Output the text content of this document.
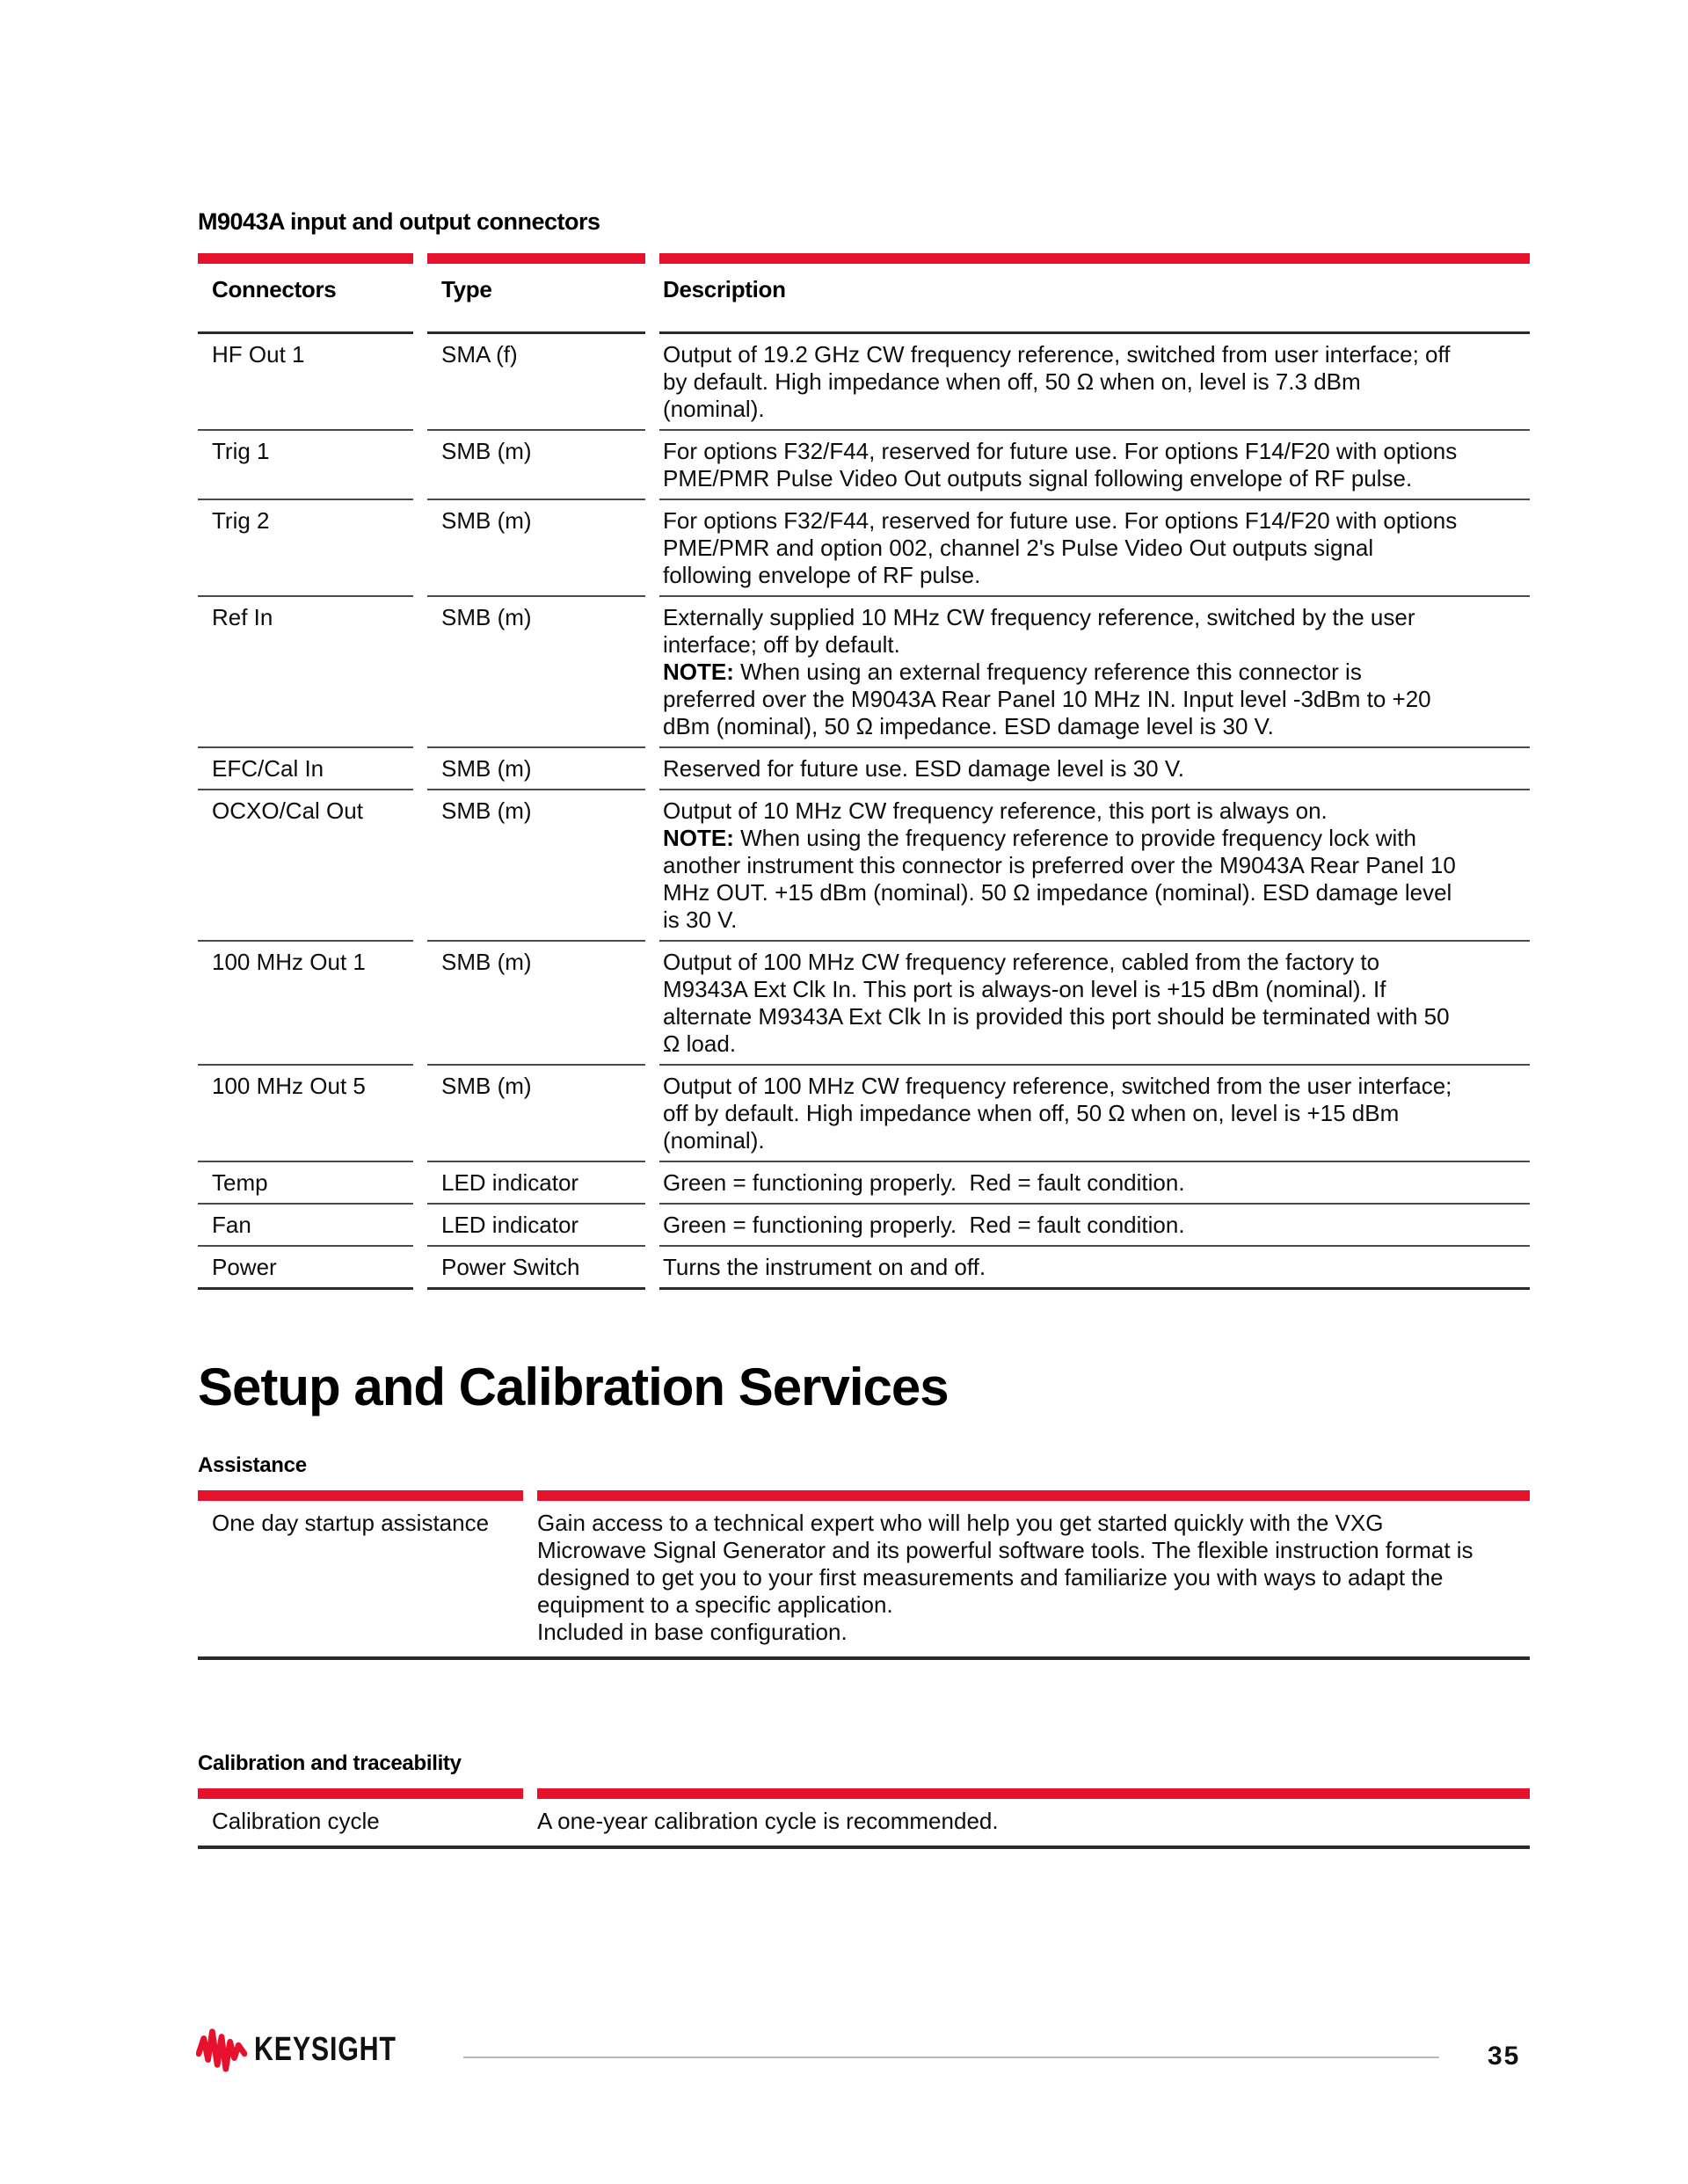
M9043A input and output connectors
Connectors	Type	Description
HF Out 1	SMA (f)	Output of 19.2 GHz CW frequency reference, switched from user interface; off by default. High impedance when off, 50 Ω when on, level is 7.3 dBm (nominal).
Trig 1	SMB (m)	For options F32/F44, reserved for future use. For options F14/F20 with options PME/PMR Pulse Video Out outputs signal following envelope of RF pulse.
Trig 2	SMB (m)	For options F32/F44, reserved for future use. For options F14/F20 with options PME/PMR and option 002, channel 2's Pulse Video Out outputs signal following envelope of RF pulse.
Ref In	SMB (m)	Externally supplied 10 MHz CW frequency reference, switched by the user interface; off by default.
NOTE: When using an external frequency reference this connector is preferred over the M9043A Rear Panel 10 MHz IN. Input level -3dBm to +20 dBm (nominal), 50 Ω impedance. ESD damage level is 30 V.
EFC/Cal In	SMB (m)	Reserved for future use. ESD damage level is 30 V.
OCXO/Cal Out	SMB (m)	Output of 10 MHz CW frequency reference, this port is always on.
NOTE: When using the frequency reference to provide frequency lock with another instrument this connector is preferred over the M9043A Rear Panel 10 MHz OUT. +15 dBm (nominal). 50 Ω impedance (nominal). ESD damage level is 30 V.
100 MHz Out 1	SMB (m)	Output of 100 MHz CW frequency reference, cabled from the factory to M9343A Ext Clk In. This port is always-on level is +15 dBm (nominal). If alternate M9343A Ext Clk In is provided this port should be terminated with 50 Ω load.
100 MHz Out 5	SMB (m)	Output of 100 MHz CW frequency reference, switched from the user interface; off by default. High impedance when off, 50 Ω when on, level is +15 dBm (nominal).
Temp	LED indicator	Green = functioning properly.  Red = fault condition.
Fan	LED indicator	Green = functioning properly.  Red = fault condition.
Power	Power Switch	Turns the instrument on and off.
Setup and Calibration Services
Assistance
One day startup assistance	Gain access to a technical expert who will help you get started quickly with the VXG Microwave Signal Generator and its powerful software tools. The flexible instruction format is designed to get you to your first measurements and familiarize you with ways to adapt the equipment to a specific application.
Included in base configuration.
Calibration and traceability
Calibration cycle	A one-year calibration cycle is recommended.
KEYSIGHT	35
